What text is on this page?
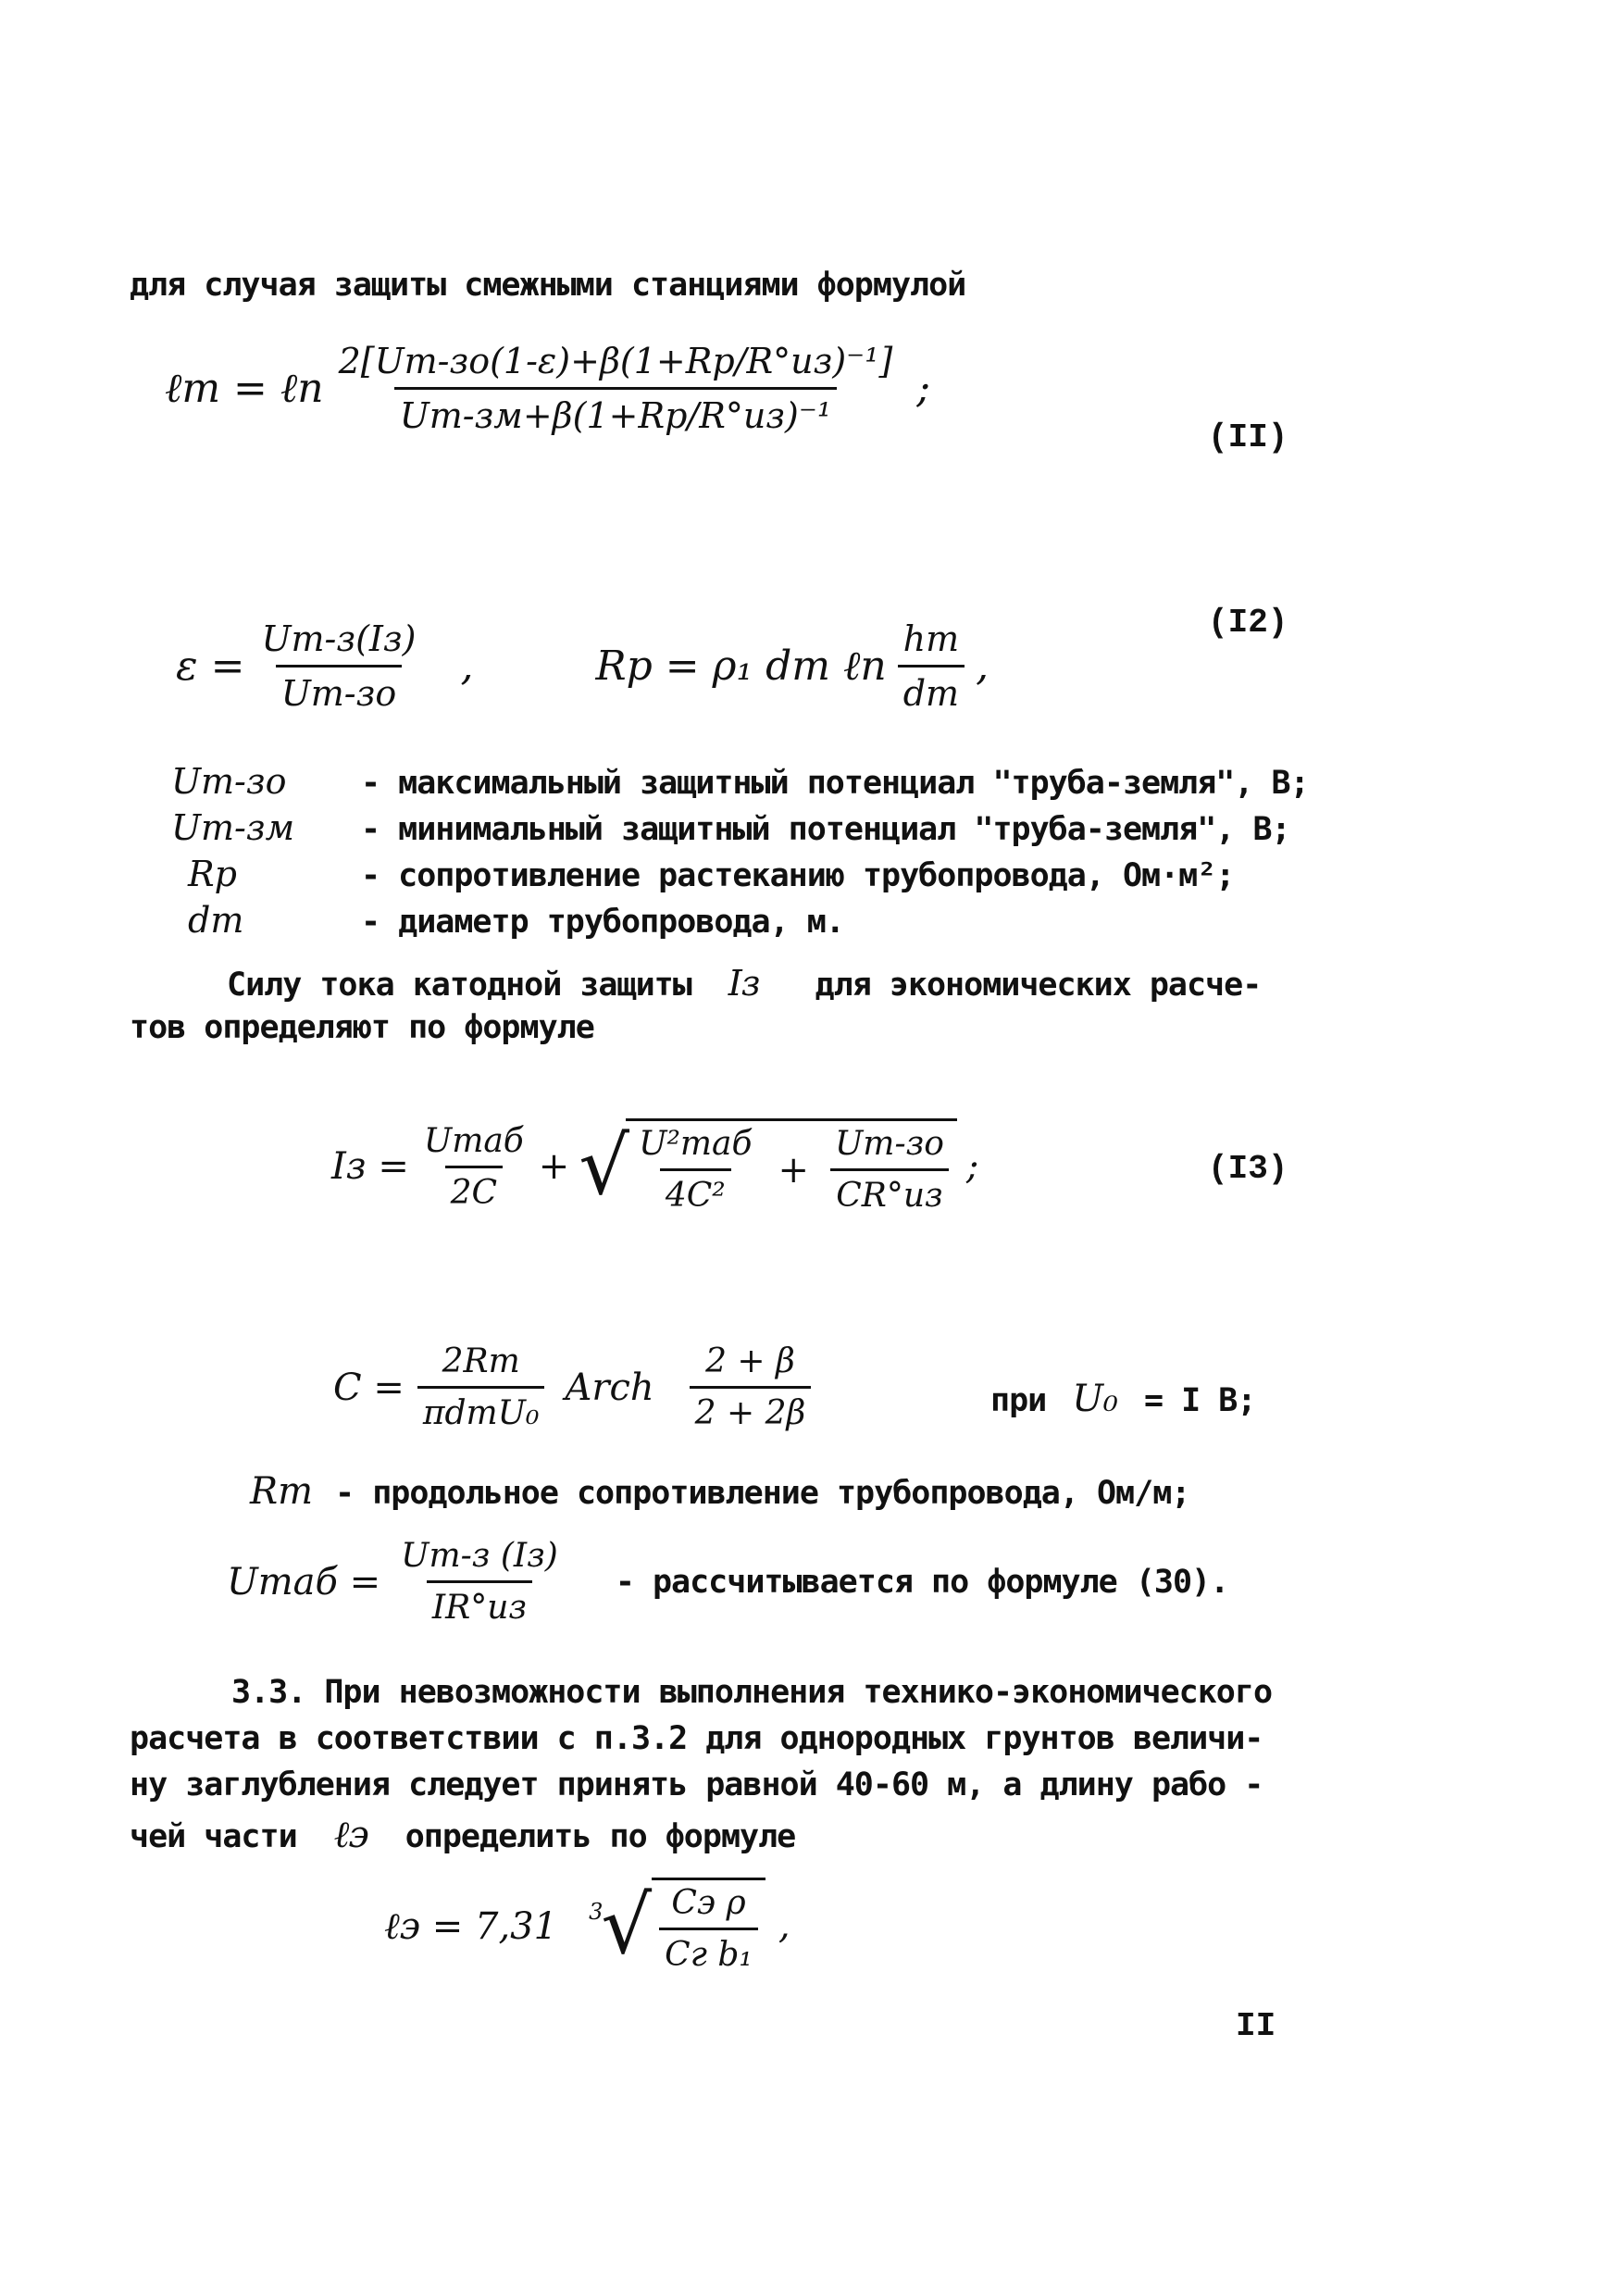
для случая защиты смежными станциями формулой
ℓт = ℓп $\frac{\text{2[Uт-зо(1-ε)+β(1+Rp/R°из)⁻¹]}}{\text{Uт-зм+β(1+Rp/R°из)⁻¹}}$ ;
(II)
(I2)
$\varepsilon = \frac{Uт-з(Iз)}{Uт-зо}$ ,	Rp = ρ₁ dт ℓn $\frac{hт}{dт}$ ,
Uт-зо	- максимальный защитный потенциал "труба-земля", В;
Uт-зм	- минимальный защитный потенциал "труба-земля", В;
Rp	- сопротивление растеканию трубопровода, Ом·м²;
dт	- диаметр трубопровода, м.
Силу тока катодной защиты Iз для экономических расче-
тов определяют по формуле
Iз = $\frac{\text{Uтаб}}{2C}$ + √ $\frac{\text{U²таб}}{\text{4C²}} + \frac{Uт-зо}{CR^\circ из}$ ;	(I3)
$C = \frac{2Rт}{\text{πdтU₀}}$ Arch $\frac{2 + \beta}{2 + 2\beta}$	при U₀ = I В;
Rт - продольное сопротивление трубопровода, Ом/м;
Uтаб = $\frac{Uт-з (Iз)}{IR^\circ из}$ - рассчитывается по формуле (30).
3.3. При невозможности выполнения технико-экономического
расчета в соответствии с п.3.2 для однородных грунтов величи-
ну заглубления следует принять равной 40-60 м, а длину рабо -
чей части ℓэ определить по формуле
ℓэ = 7,31 3
√ $\frac{\text{Cэ ρ}}{\text{Cг b₁}}$ ,
II
